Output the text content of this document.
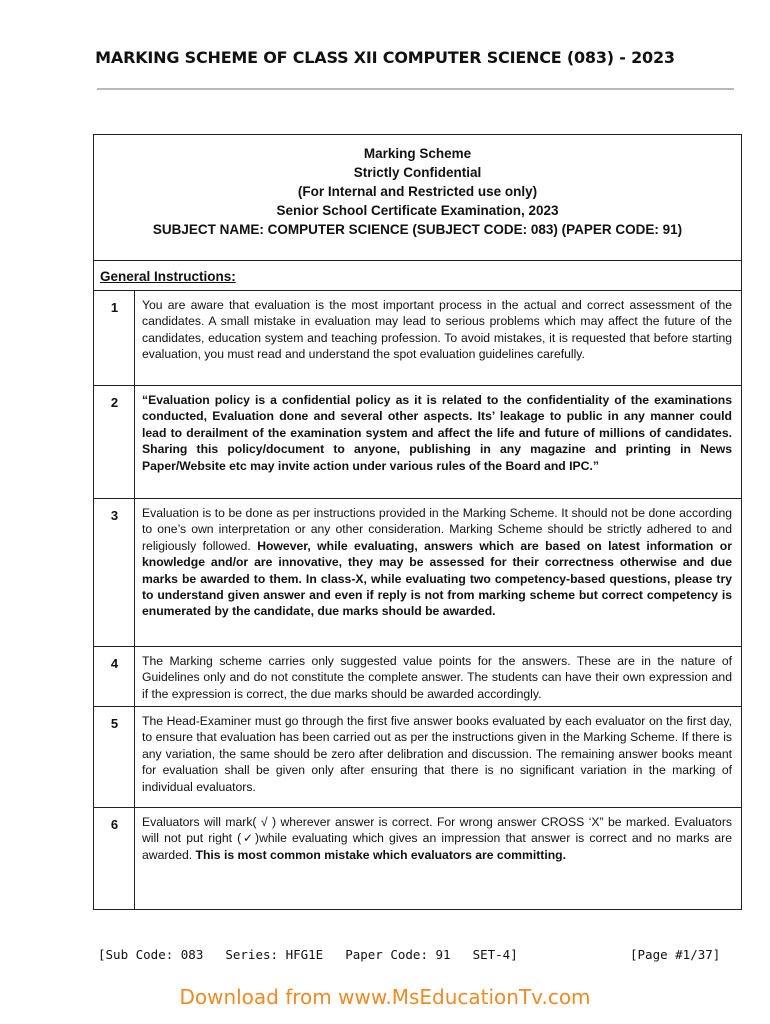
MARKING SCHEME OF CLASS XII COMPUTER SCIENCE (083) - 2023
Marking Scheme
Strictly Confidential
(For Internal and Restricted use only)
Senior School Certificate Examination, 2023
SUBJECT NAME: COMPUTER SCIENCE (SUBJECT CODE: 083) (PAPER CODE: 91)
General Instructions:
1	You are aware that evaluation is the most important process in the actual and correct assessment of the candidates. A small mistake in evaluation may lead to serious problems which may affect the future of the candidates, education system and teaching profession. To avoid mistakes, it is requested that before starting evaluation, you must read and understand the spot evaluation guidelines carefully.
2	“Evaluation policy is a confidential policy as it is related to the confidentiality of the examinations conducted, Evaluation done and several other aspects. Its’ leakage to public in any manner could lead to derailment of the examination system and affect the life and future of millions of candidates. Sharing this policy/document to anyone, publishing in any magazine and printing in News Paper/Website etc may invite action under various rules of the Board and IPC.”
3	Evaluation is to be done as per instructions provided in the Marking Scheme. It should not be done according to one’s own interpretation or any other consideration. Marking Scheme should be strictly adhered to and religiously followed. However, while evaluating, answers which are based on latest information or knowledge and/or are innovative, they may be assessed for their correctness otherwise and due marks be awarded to them. In class-X, while evaluating two competency-based questions, please try to understand given answer and even if reply is not from marking scheme but correct competency is enumerated by the candidate, due marks should be awarded.
4	The Marking scheme carries only suggested value points for the answers. These are in the nature of Guidelines only and do not constitute the complete answer. The students can have their own expression and if the expression is correct, the due marks should be awarded accordingly.
5	The Head-Examiner must go through the first five answer books evaluated by each evaluator on the first day, to ensure that evaluation has been carried out as per the instructions given in the Marking Scheme. If there is any variation, the same should be zero after delibration and discussion. The remaining answer books meant for evaluation shall be given only after ensuring that there is no significant variation in the marking of individual evaluators.
6	Evaluators will mark( √ ) wherever answer is correct. For wrong answer CROSS ‘X” be marked. Evaluators will not put right (✓)while evaluating which gives an impression that answer is correct and no marks are awarded. This is most common mistake which evaluators are committing.
[Sub Code: 083 Series: HFG1E Paper Code: 91 SET-4]	[Page #1/37]
Download from www.MsEducationTv.com
